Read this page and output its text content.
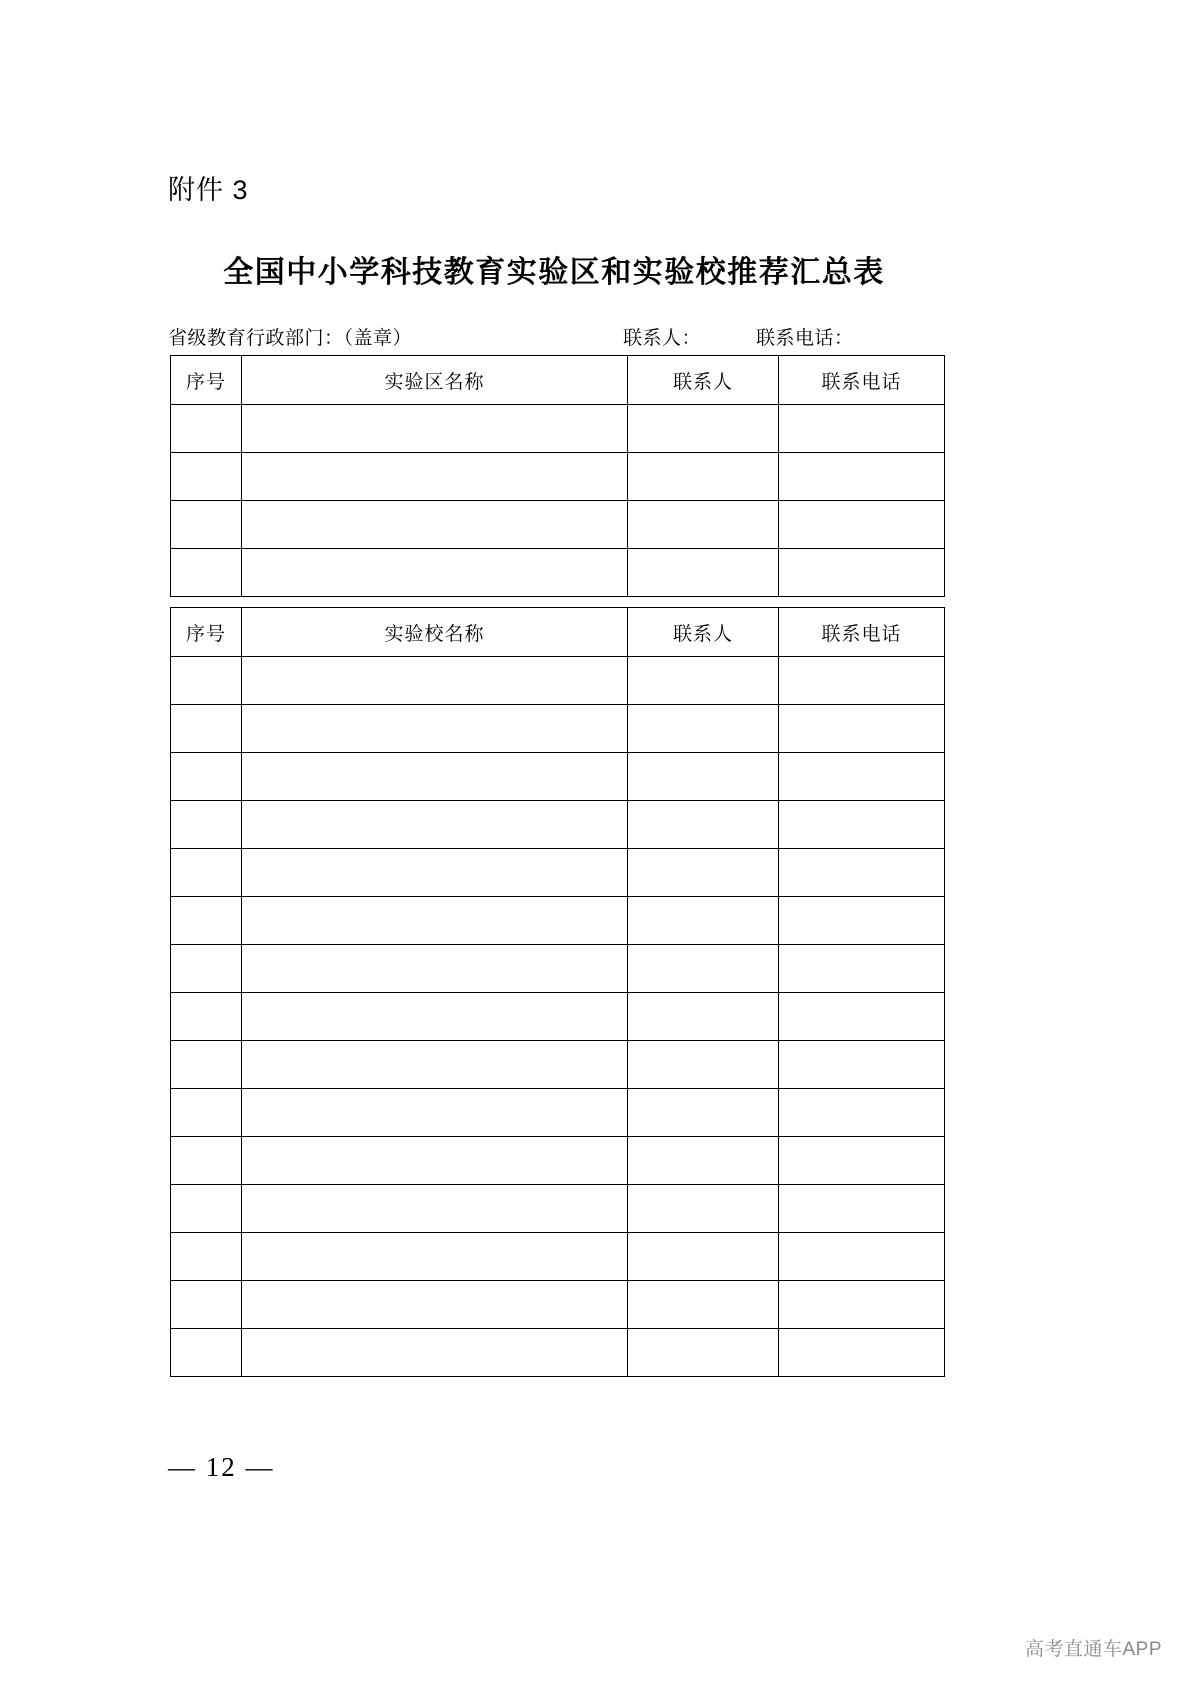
附件 3
全国中小学科技教育实验区和实验校推荐汇总表
省级教育行政部门：（盖章）	联系人：	联系电话：
序号	实验区名称	联系人	联系电话

序号	实验校名称	联系人	联系电话

— 12 —
高考直通车APP
